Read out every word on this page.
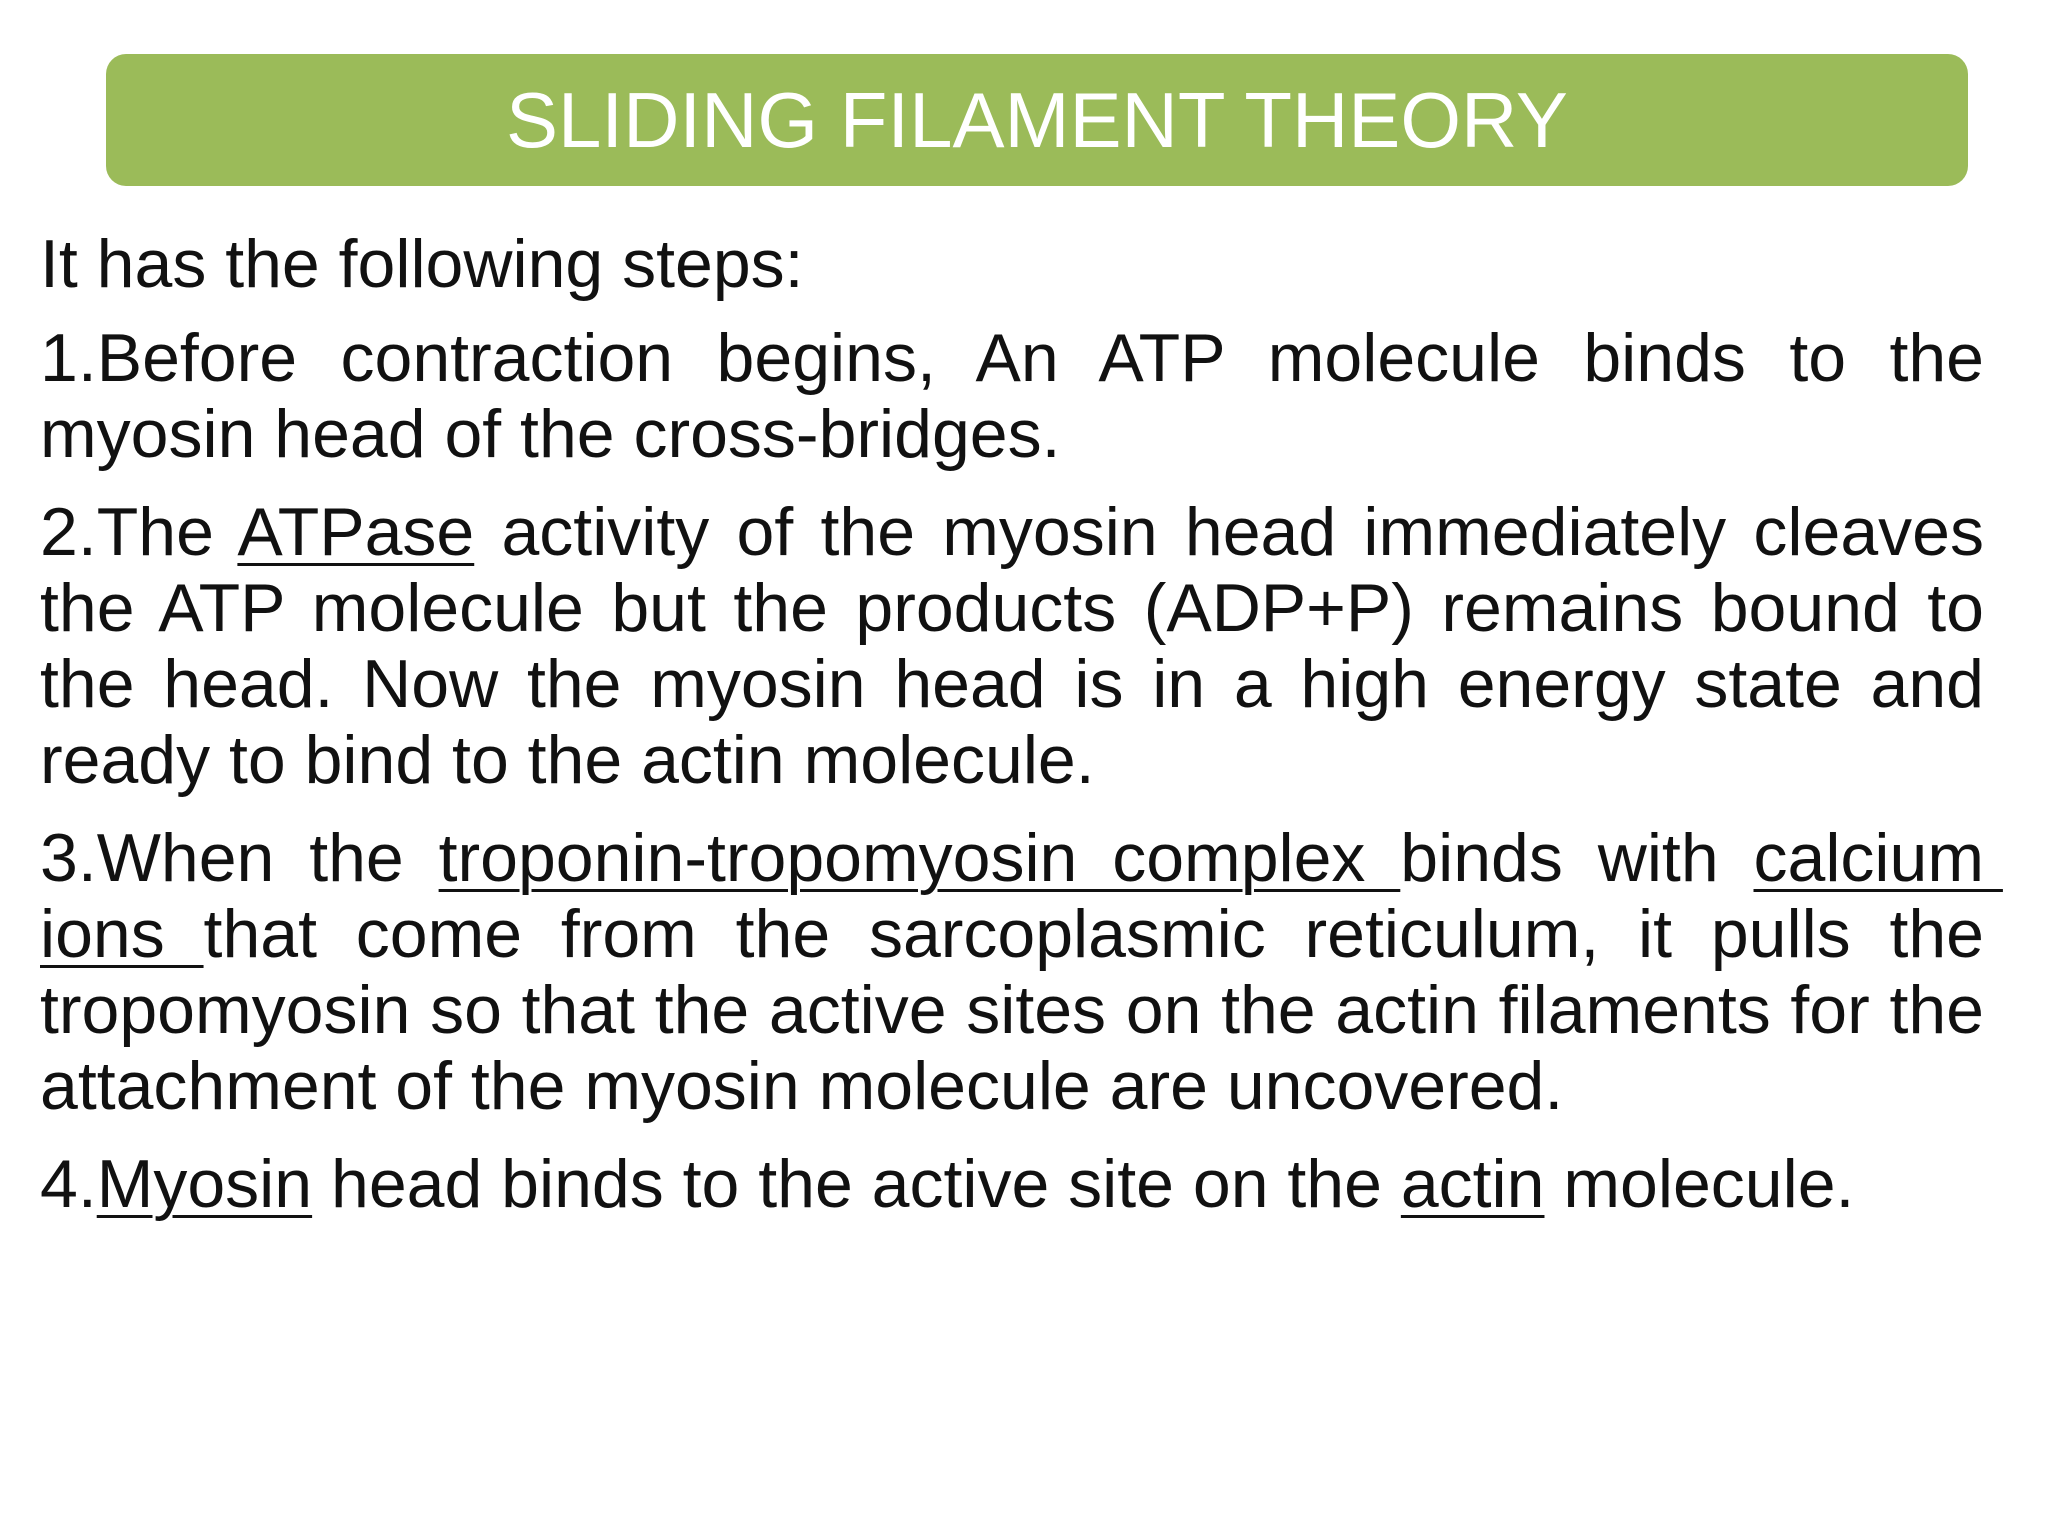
SLIDING FILAMENT THEORY

It has the following steps:

1.Before contraction begins, An ATP molecule binds to the myosin head of the cross-bridges.

2.The ATPase activity of the myosin head immediately cleaves the ATP molecule but the products (ADP+P) remains bound to the head. Now the myosin head is in a high energy state and ready to bind to the actin molecule.

3.When the troponin-tropomyosin complex binds with calcium ions that come from the sarcoplasmic reticulum, it pulls the tropomyosin so that the active sites on the actin filaments for the attachment of the myosin molecule are uncovered.

4.Myosin head binds to the active site on the actin molecule.
